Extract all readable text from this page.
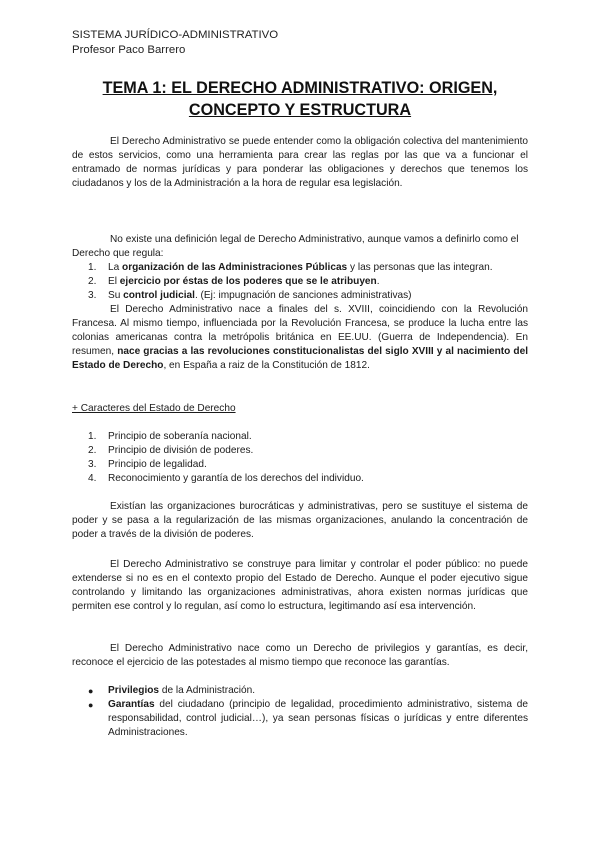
SISTEMA JURÍDICO-ADMINISTRATIVO
Profesor Paco Barrero
TEMA 1: EL DERECHO ADMINISTRATIVO: ORIGEN,
CONCEPTO Y ESTRUCTURA

El Derecho Administrativo se puede entender como la obligación colectiva del mantenimiento de estos servicios, como una herramienta para crear las reglas por las que va a funcionar el entramado de normas jurídicas y para ponderar las obligaciones y derechos que tenemos los ciudadanos y los de la Administración a la hora de regular esa legislación.

No existe una definición legal de Derecho Administrativo, aunque vamos a definirlo como el Derecho que regula:

1. La organización de las Administraciones Públicas y las personas que las integran.
2. El ejercicio por éstas de los poderes que se le atribuyen.
3. Su control judicial. (Ej: impugnación de sanciones administrativas)

El Derecho Administrativo nace a finales del s. XVIII, coincidiendo con la Revolución Francesa. Al mismo tiempo, influenciada por la Revolución Francesa, se produce la lucha entre las colonias americanas contra la metrópolis británica en EE.UU. (Guerra de Independencia). En resumen, nace gracias a las revoluciones constitucionalistas del siglo XVIII y al nacimiento del Estado de Derecho, en España a raiz de la Constitución de 1812.

+ Caracteres del Estado de Derecho
1. Principio de soberanía nacional.
2. Principio de división de poderes.
3. Principio de legalidad.
4. Reconocimiento y garantía de los derechos del individuo.

Existían las organizaciones burocráticas y administrativas, pero se sustituye el sistema de poder y se pasa a la regularización de las mismas organizaciones, anulando la concentración de poder a través de la división de poderes.

El Derecho Administrativo se construye para limitar y controlar el poder público: no puede extenderse si no es en el contexto propio del Estado de Derecho. Aunque el poder ejecutivo sigue controlando y limitando las organizaciones administrativas, ahora existen normas jurídicas que permiten ese control y lo regulan, así como lo estructura, legitimando así esa intervención.

El Derecho Administrativo nace como un Derecho de privilegios y garantías, es decir, reconoce el ejercicio de las potestades al mismo tiempo que reconoce las garantías.

● Privilegios de la Administración.
● Garantías del ciudadano (principio de legalidad, procedimiento administrativo, sistema de responsabilidad, control judicial…), ya sean personas físicas o jurídicas y entre diferentes Administraciones.
